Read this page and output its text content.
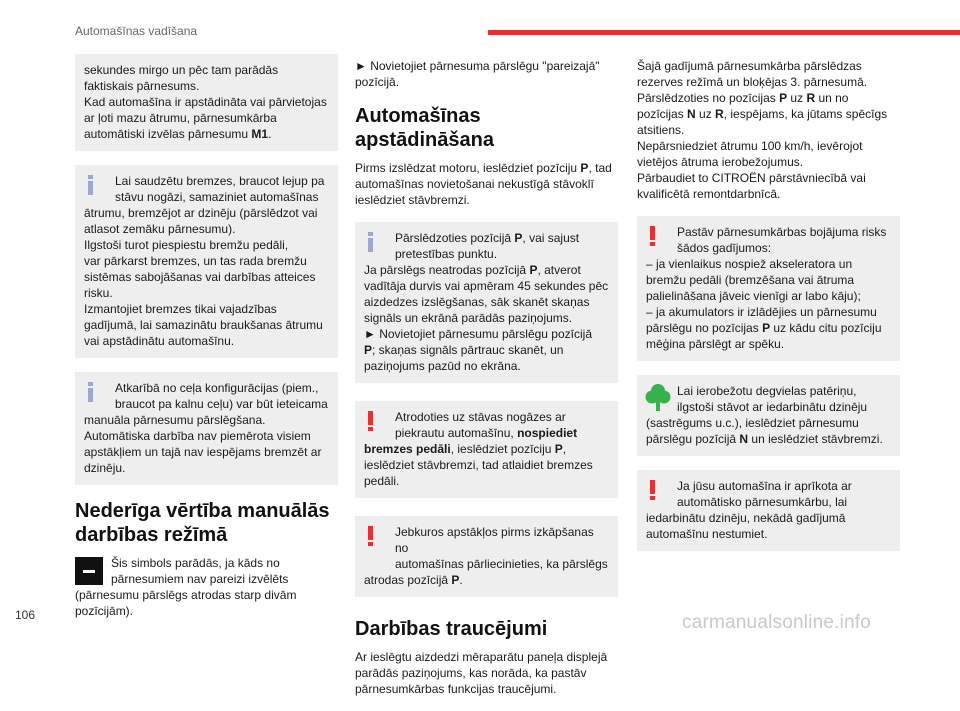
Automašīnas vadīšana
sekundes mirgo un pēc tam parādās
faktiskais pārnesums.
Kad automašīna ir apstādināta vai pārvietojas
ar ļoti mazu ātrumu, pārnesumkārba
automātiski izvēlas pārnesumu M1.
Lai saudzētu bremzes, braucot lejup pa
stāvu nogāzi, samaziniet automašīnas
ātrumu, bremzējot ar dzinēju (pārslēdzot vai
atlasot zemāku pārnesumu).
Ilgstoši turot piespiestu bremžu pedāli,
var pārkarst bremzes, un tas rada bremžu
sistēmas sabojāšanas vai darbības atteices
risku.
Izmantojiet bremzes tikai vajadzības
gadījumā, lai samazinātu braukšanas ātrumu
vai apstādinātu automašīnu.
Atkarībā no ceļa konfigurācijas (piem.,
braucot pa kalnu ceļu) var būt ieteicama
manuāla pārnesumu pārslēgšana.
Automātiska darbība nav piemērota visiem
apstākļiem un tajā nav iespējams bremzēt ar
dzinēju.
Nederīga vērtība manuālās
darbības režīmā
Šis simbols parādās, ja kāds no
pārnesumiem nav pareizi izvēlēts
(pārnesumu pārslēgs atrodas starp divām
pozīcijām).

► Novietojiet pārnesuma pārslēgu "pareizajā"
pozīcijā.

Automašīnas apstādināšana

Pirms izslēdzat motoru, ieslēdziet pozīciju P, tad
automašīnas novietošanai nekustīgā stāvoklī
ieslēdziet stāvbremzi.

Pārslēdzoties pozīcijā P, vai sajust
pretestības punktu.
Ja pārslēgs neatrodas pozīcijā P, atverot
vadītāja durvis vai apmēram 45 sekundes pēc
aizdedzes izslēgšanas, sāk skanēt skaņas
signāls un ekrānā parādās paziņojums.
► Novietojiet pārnesumu pārslēgu pozīcijā
P; skaņas signāls pārtrauc skanēt, un
paziņojums pazūd no ekrāna.
Atrodoties uz stāvas nogāzes ar
piekrautu automašīnu, nospiediet
bremzes pedāli, ieslēdziet pozīciju P,
ieslēdziet stāvbremzi, tad atlaidiet bremzes
pedāli.
Jebkuros apstākļos pirms izkāpšanas no
automašīnas pārliecinieties, ka pārslēgs
atrodas pozīcijā P.
Darbības traucējumi

Ar ieslēgtu aizdedzi mēraparātu paneļa displejā
parādās paziņojums, kas norāda, ka pastāv
pārnesumkārbas funkcijas traucējumi.

Šajā gadījumā pārnesumkārba pārslēdzas
rezerves režīmā un bloķējas 3. pārnesumā.
Pārslēdzoties no pozīcijas P uz R un no
pozīcijas N uz R, iespējams, ka jūtams spēcīgs
atsitiens.
Nepārsniedziet ātrumu 100 km/h, ievērojot
vietējos ātruma ierobežojumus.
Pārbaudiet to CITROËN pārstāvniecībā vai
kvalificētā remontdarbnīcā.

Pastāv pārnesumkārbas bojājuma risks
šādos gadījumos:
– ja vienlaikus nospiež akseleratora un
bremžu pedāli (bremzēšana vai ātruma
palielināšana jāveic vienīgi ar labo kāju);
– ja akumulators ir izlādējies un pārnesumu
pārslēgu no pozīcijas P uz kādu citu pozīciju
mēģina pārslēgt ar spēku.
Lai ierobežotu degvielas patēriņu,
ilgstoši stāvot ar iedarbinātu dzinēju
(sastrēgums u.c.), ieslēdziet pārnesumu
pārslēgu pozīcijā N un ieslēdziet stāvbremzi.
Ja jūsu automašīna ir aprīkota ar
automātisko pārnesumkārbu, lai
iedarbinātu dzinēju, nekādā gadījumā
automašīnu nestumiet.
106	carmanualsonline.info
